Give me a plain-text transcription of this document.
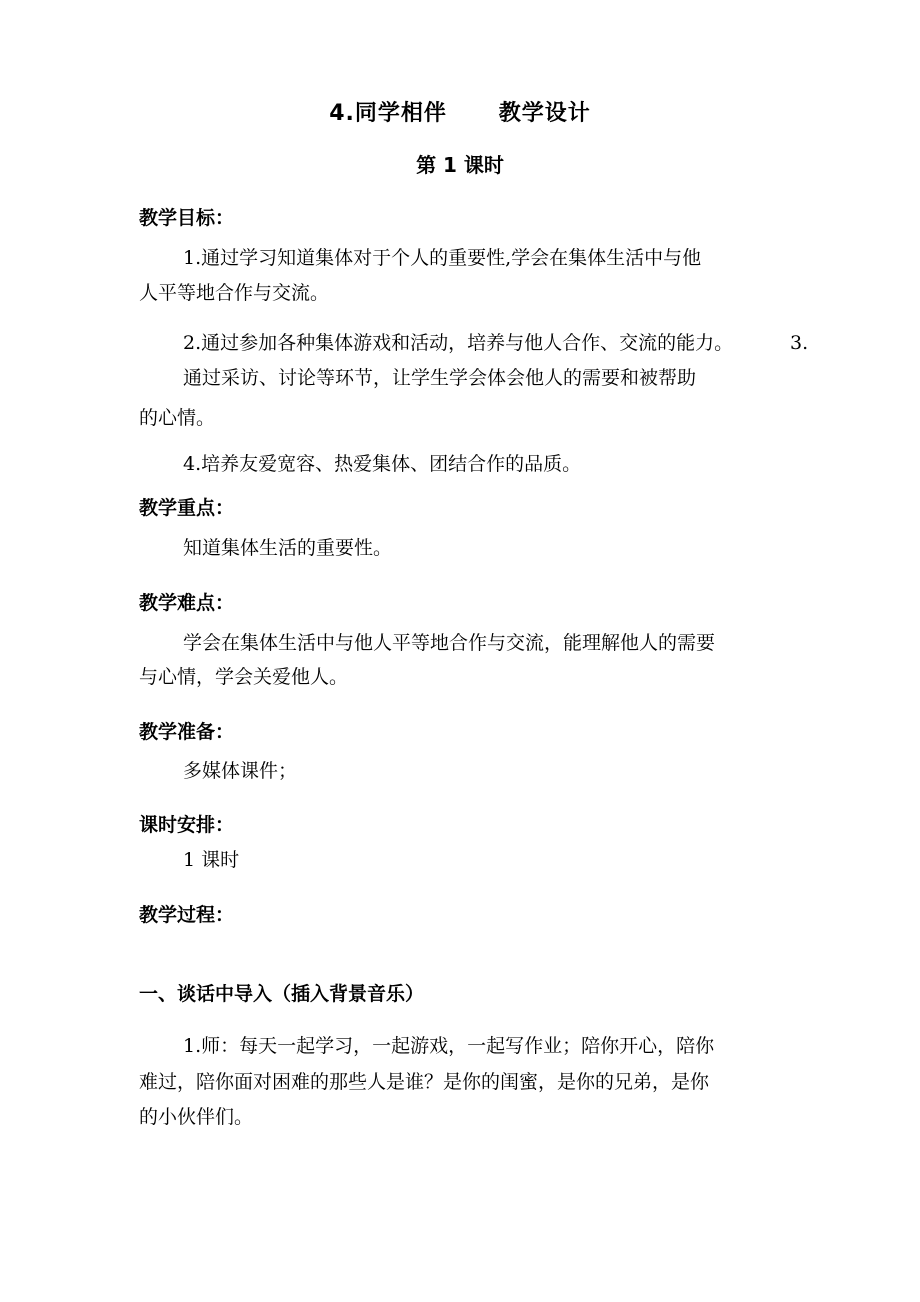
4.同学相伴      教学设计
第 1 课时
教学目标：
1.通过学习知道集体对于个人的重要性,学会在集体生活中与他
人平等地合作与交流。
2.通过参加各种集体游戏和活动，培养与他人合作、交流的能力。	3.
通过采访、讨论等环节，让学生学会体会他人的需要和被帮助
的心情。
4.培养友爱宽容、热爱集体、团结合作的品质。
教学重点：
知道集体生活的重要性。
教学难点：
学会在集体生活中与他人平等地合作与交流，能理解他人的需要
与心情，学会关爱他人。
教学准备：
多媒体课件；
课时安排：
1 课时
教学过程：
一、谈话中导入（插入背景音乐）
1.师：每天一起学习，一起游戏，一起写作业；陪你开心，陪你
难过，陪你面对困难的那些人是谁？是你的闺蜜，是你的兄弟，是你
的小伙伴们。
